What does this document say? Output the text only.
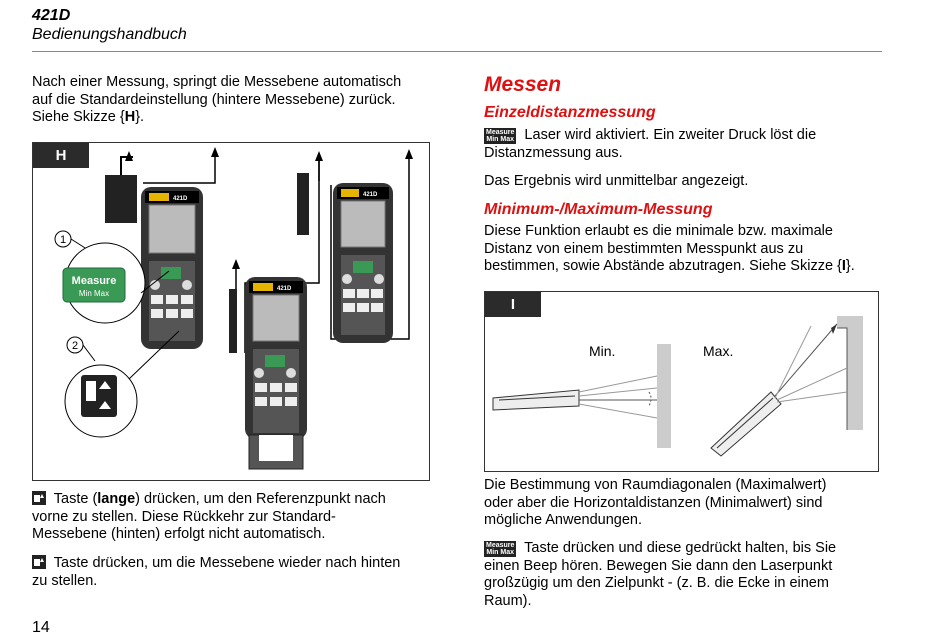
421D
Bedienungshandbuch
Nach einer Messung, springt die Messebene automatisch
auf die Standardeinstellung (hintere Messebene) zurück.
Siehe Skizze {H}.
H
421D
421D
421D
1
Measure
Min Max
2
Taste (lange) drücken, um den Referenzpunkt nach
vorne zu stellen. Diese Rückkehr zur Standard-
Messebene (hinten) erfolgt nicht automatisch.
Taste drücken, um die Messebene wieder nach hinten
zu stellen.
14
Messen
Einzeldistanzmessung
Measure
Min Max Laser wird aktiviert. Ein zweiter Druck löst die
Distanzmessung aus.
Das Ergebnis wird unmittelbar angezeigt.
Minimum-/Maximum-Messung
Diese Funktion erlaubt es die minimale bzw. maximale
Distanz von einem bestimmten Messpunkt aus zu
bestimmen, sowie Abstände abzutragen. Siehe Skizze {I}.
I
Min.	Max.
Die Bestimmung von Raumdiagonalen (Maximalwert)
oder aber die Horizontaldistanzen (Minimalwert) sind
mögliche Anwendungen.
Measure
Min Max Taste drücken und diese gedrückt halten, bis Sie
einen Beep hören. Bewegen Sie dann den Laserpunkt
großzügig um den Zielpunkt - (z. B. die Ecke in einem
Raum).
